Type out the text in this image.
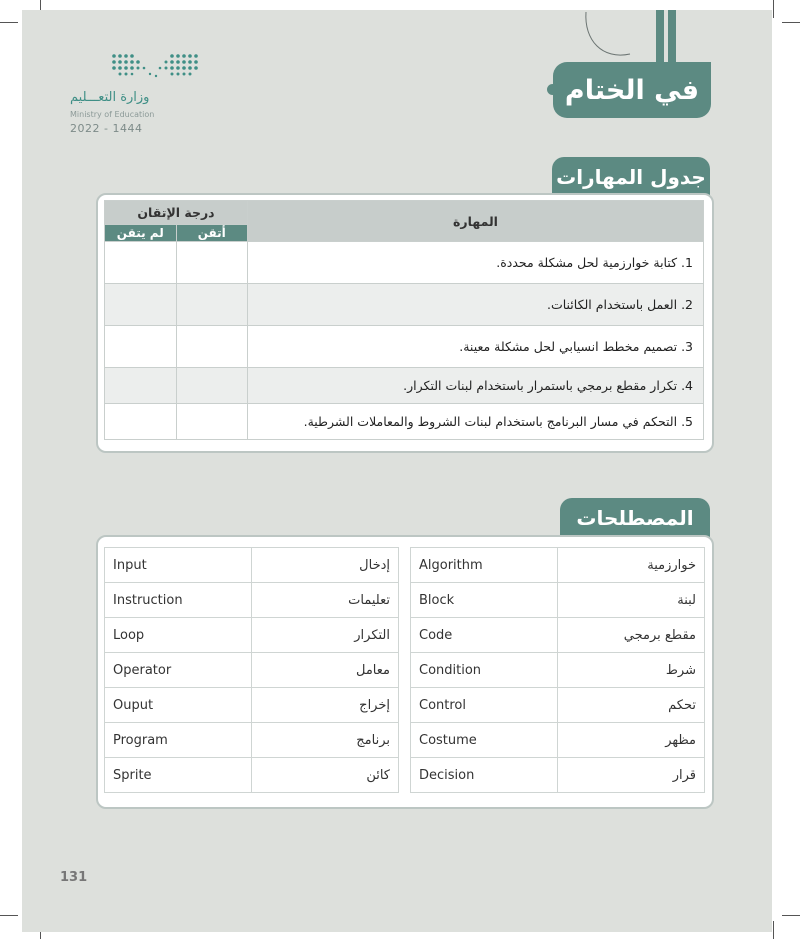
وزارة التعـــليم
Ministry of Education
2022 - 1444
في الختام
جدول المهارات
المهارة	درجة الإتقان	
	أتقن	لم يتقن
1. كتابة خوارزمية لحل مشكلة محددة.		
2. العمل باستخدام الكائنات.		
3. تصميم مخطط انسيابي لحل مشكلة معينة.		
4. تكرار مقطع برمجي باستمرار باستخدام لبنات التكرار.		
5. التحكم في مسار البرنامج باستخدام لبنات الشروط والمعاملات الشرطية.		
المصطلحات
Input	إدخال
Instruction	تعليمات
Loop	التكرار
Operator	معامل
Ouput	إخراج
Program	برنامج
Sprite	كائن
Algorithm	خوارزمية
Block	لبنة
Code	مقطع برمجي
Condition	شرط
Control	تحكم
Costume	مظهر
Decision	قرار
131
